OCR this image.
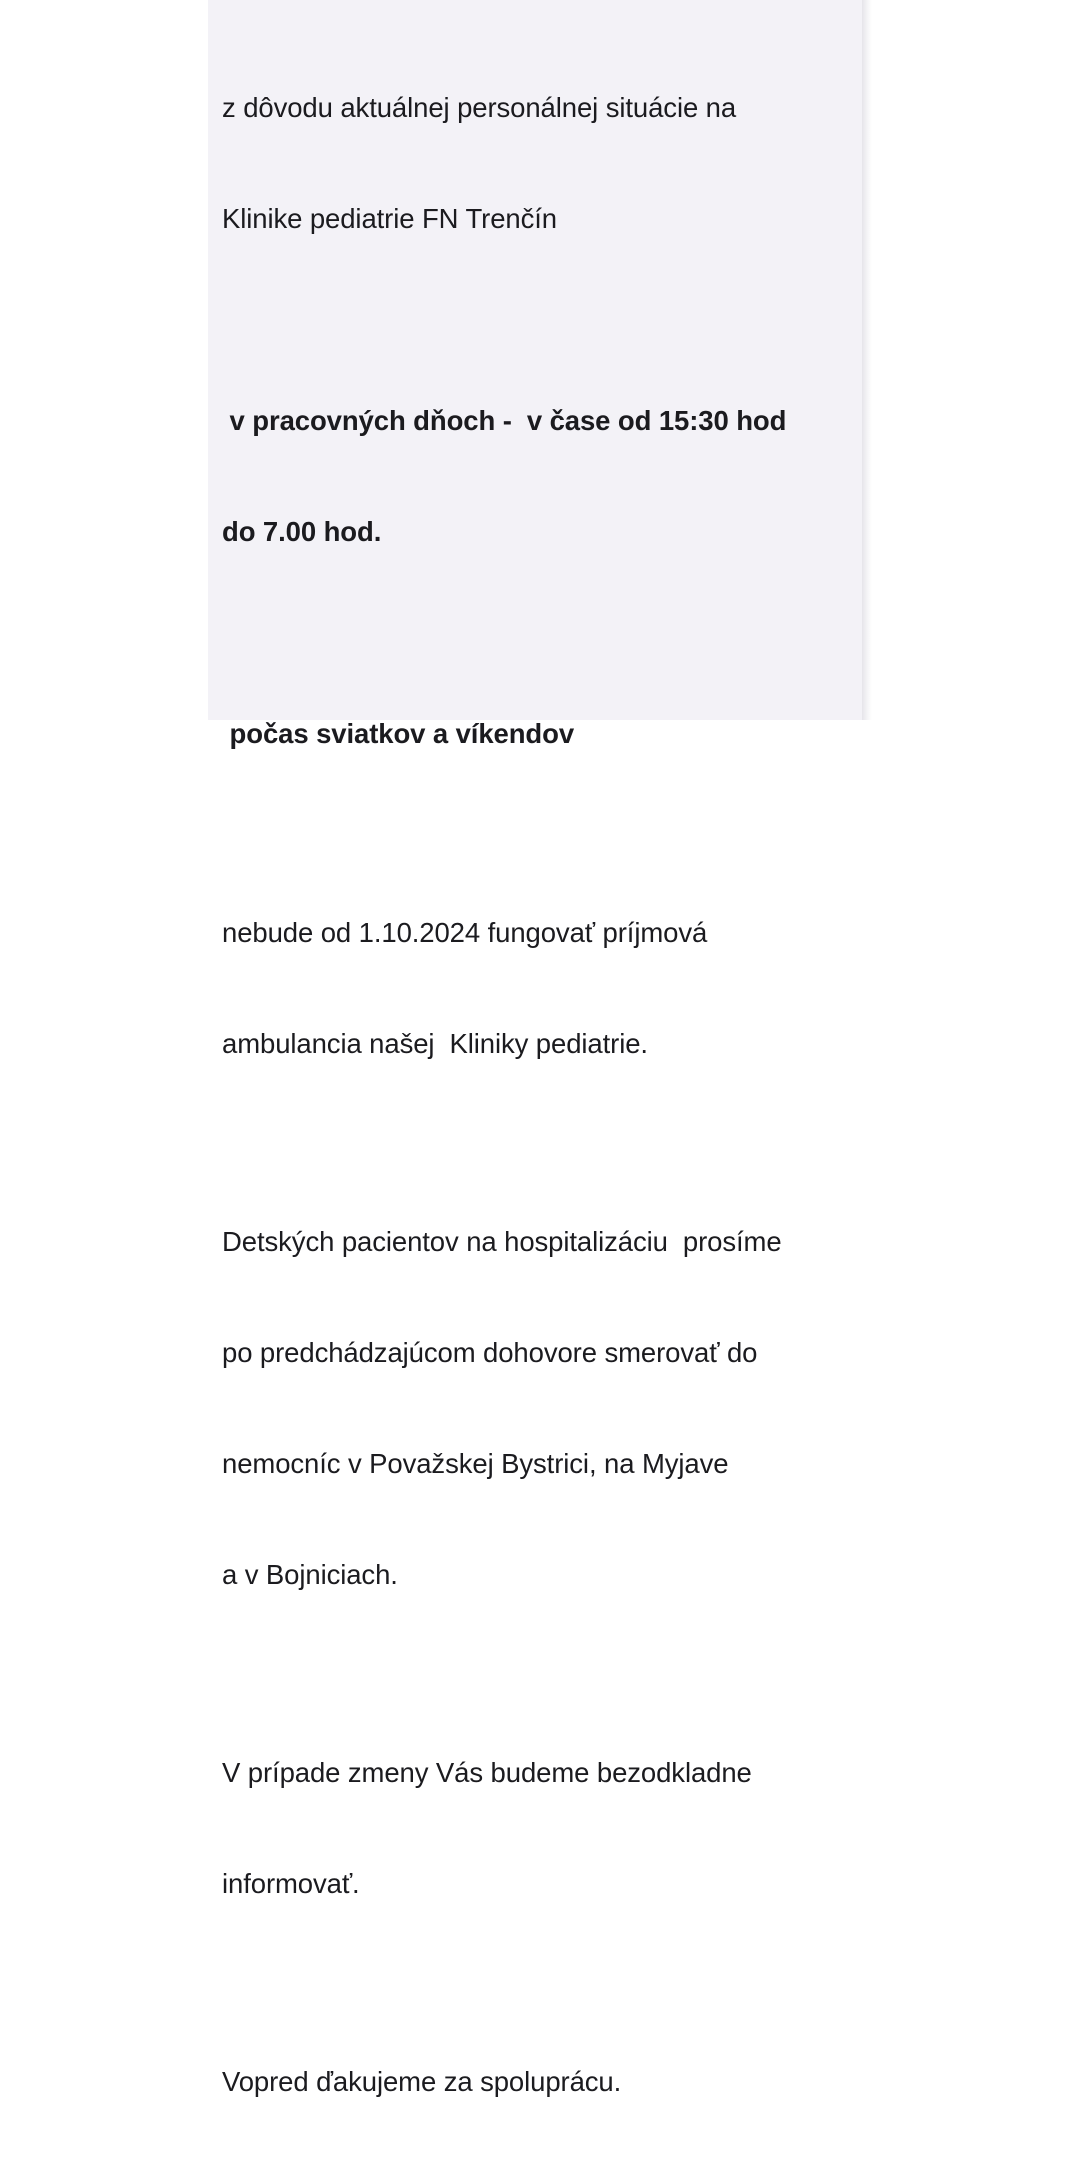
z dôvodu aktuálnej personálnej situácie na

Klinike pediatrie FN Trenčín

v pracovných dňoch -  v čase od 15:30 hod

do 7.00 hod.

počas sviatkov a víkendov

nebude od 1.10.2024 fungovať príjmová

ambulancia našej  Kliniky pediatrie.

Detských pacientov na hospitalizáciu  prosíme

po predchádzajúcom dohovore smerovať do

nemocníc v Považskej Bystrici, na Myjave

a v Bojniciach.

V prípade zmeny Vás budeme bezodkladne

informovať.

Vopred ďakujeme za spoluprácu.
